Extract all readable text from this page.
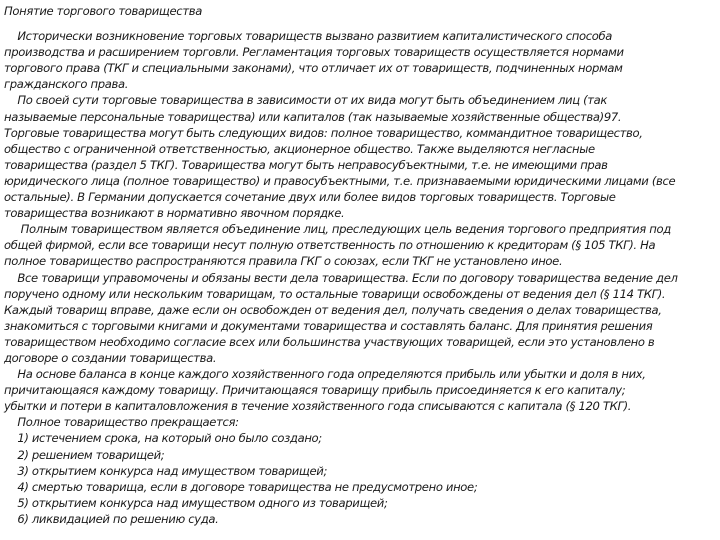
Понятие торгового товарищества
Исторически возникновение торговых товариществ вызвано развитием капиталистического способа
производства и расширением торговли. Регламентация торговых товариществ осуществляется нормами
торгового права (ТКГ и специальными законами), что отличает их от товариществ, подчиненных нормам
гражданского права.
По своей сути торговые товарищества в зависимости от их вида могут быть объединением лиц (так
называемые персональные товарищества) или капиталов (так называемые хозяйственные общества)97.
Торговые товарищества могут быть следующих видов: полное товарищество, коммандитное товарищество,
общество с ограниченной ответственностью, акционерное общество. Также выделяются негласные
товарищества (раздел 5 ТКГ). Товарищества могут быть неправосубъектными, т.е. не имеющими прав
юридического лица (полное товарищество) и правосубъектными, т.е. признаваемыми юридическими лицами (все
остальные). В Германии допускается сочетание двух или более видов торговых товариществ. Торговые
товарищества возникают в нормативно явочном порядке.
Полным товариществом является объединение лиц, преследующих цель ведения торгового предприятия под
общей фирмой, если все товарищи несут полную ответственность по отношению к кредиторам (§ 105 ТКГ). На
полное товарищество распространяются правила ГКГ о союзах, если ТКГ не установлено иное.
Все товарищи управомочены и обязаны вести дела товарищества. Если по договору товарищества ведение дел
поручено одному или нескольким товарищам, то остальные товарищи освобождены от ведения дел (§ 114 ТКГ).
Каждый товарищ вправе, даже если он освобожден от ведения дел, получать сведения о делах товарищества,
знакомиться с торговыми книгами и документами товарищества и составлять баланс. Для принятия решения
товариществом необходимо согласие всех или большинства участвующих товарищей, если это установлено в
договоре о создании товарищества.
На основе баланса в конце каждого хозяйственного года определяются прибыль или убытки и доля в них,
причитающаяся каждому товарищу. Причитающаяся товарищу прибыль присоединяется к его капиталу;
убытки и потери в капиталовложения в течение хозяйственного года списываются с капитала (§ 120 ТКГ).
Полное товарищество прекращается:
1) истечением срока, на который оно было создано;
2) решением товарищей;
3) открытием конкурса над имуществом товарищей;
4) смертью товарища, если в договоре товарищества не предусмотрено иное;
5) открытием конкурса над имуществом одного из товарищей;
6) ликвидацией по решению суда.
